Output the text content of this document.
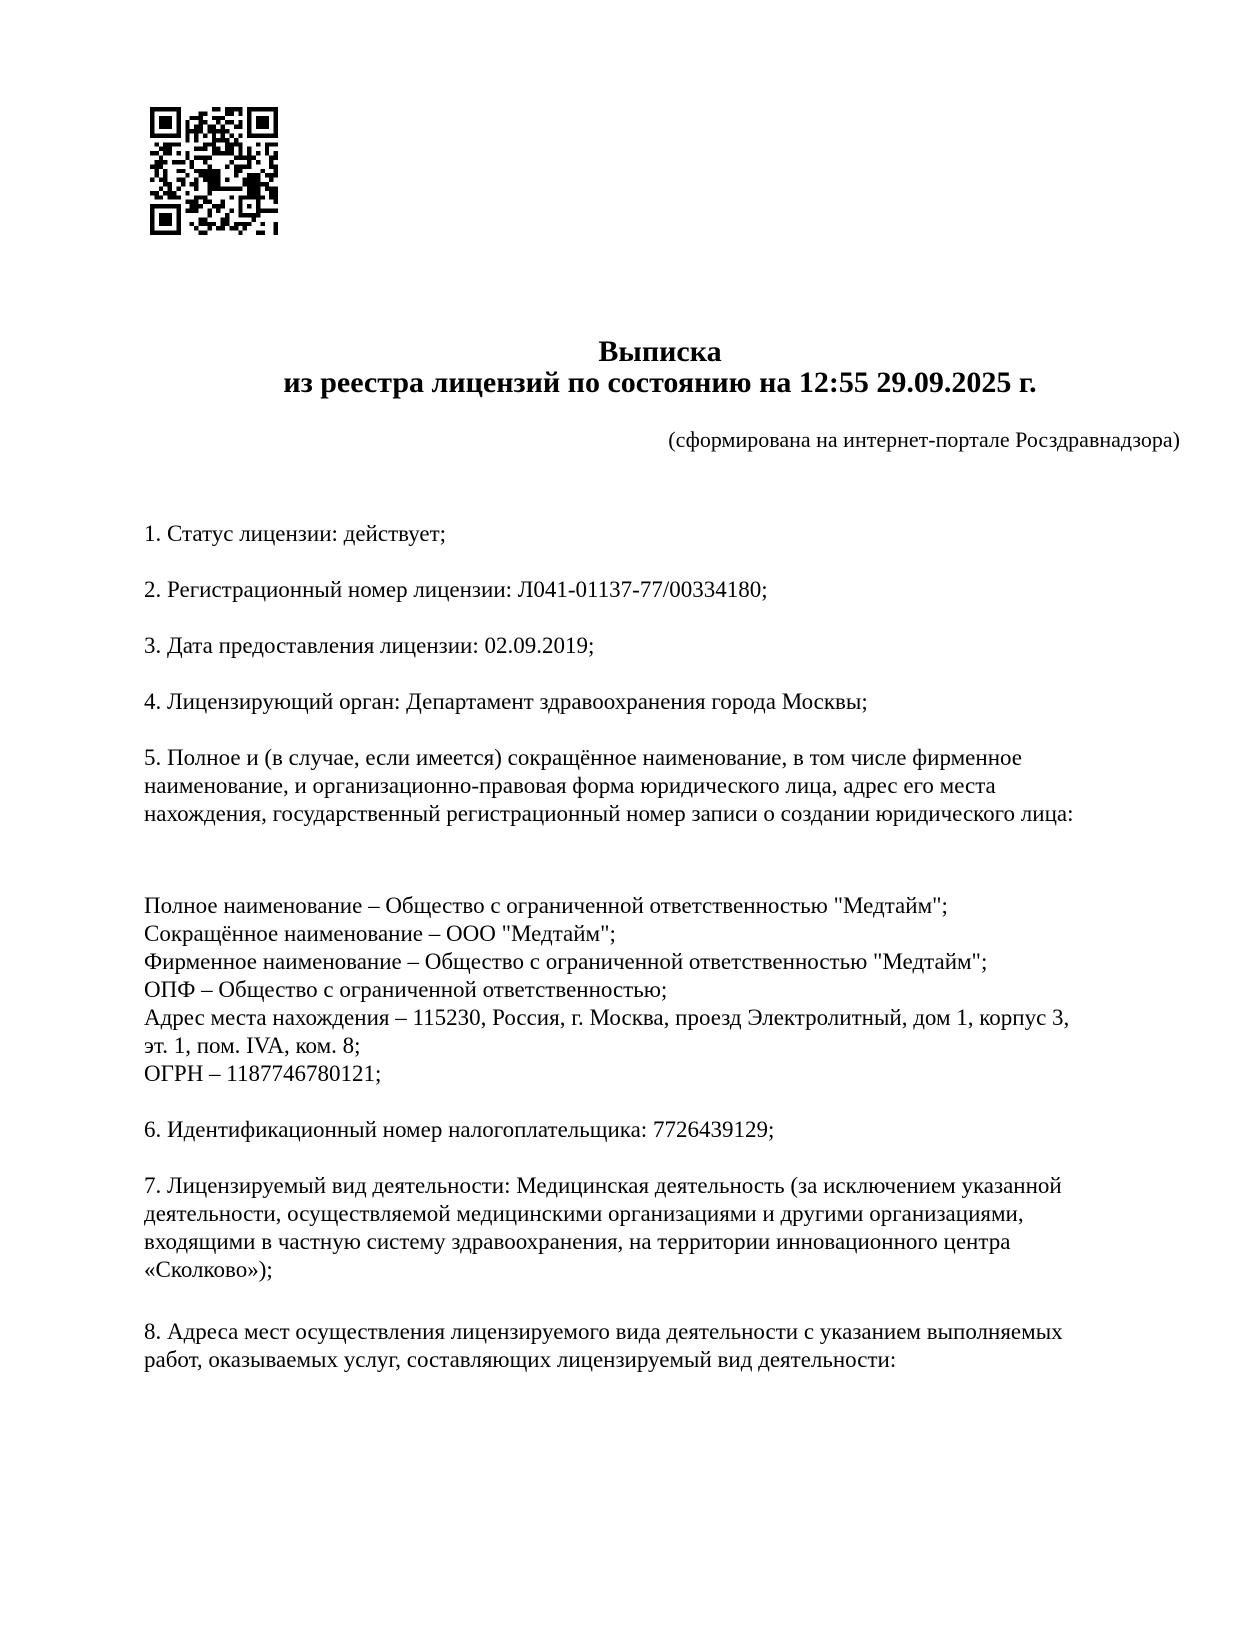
Выписка
из реестра лицензий по состоянию на 12:55 29.09.2025 г.
(сформирована на интернет-портале Росздравнадзора)

1. Статус лицензии: действует;

2. Регистрационный номер лицензии: Л041-01137-77/00334180;

3. Дата предоставления лицензии: 02.09.2019;

4. Лицензирующий орган: Департамент здравоохранения города Москвы;

5. Полное и (в случае, если имеется) сокращённое наименование, в том числе фирменное
наименование, и организационно-правовая форма юридического лица, адрес его места
нахождения, государственный регистрационный номер записи о создании юридического лица:

Полное наименование – Общество с ограниченной ответственностью "Медтайм";
Сокращённое наименование – ООО "Медтайм";
Фирменное наименование – Общество с ограниченной ответственностью "Медтайм";
ОПФ – Общество с ограниченной ответственностью;
Адрес места нахождения – 115230, Россия, г. Москва, проезд Электролитный, дом 1, корпус 3,
эт. 1, пом. IVA, ком. 8;
ОГРН – 1187746780121;

6. Идентификационный номер налогоплательщика: 7726439129;

7. Лицензируемый вид деятельности: Медицинская деятельность (за исключением указанной
деятельности, осуществляемой медицинскими организациями и другими организациями,
входящими в частную систему здравоохранения, на территории инновационного центра
«Сколково»);

8. Адреса мест осуществления лицензируемого вида деятельности с указанием выполняемых
работ, оказываемых услуг, составляющих лицензируемый вид деятельности:
